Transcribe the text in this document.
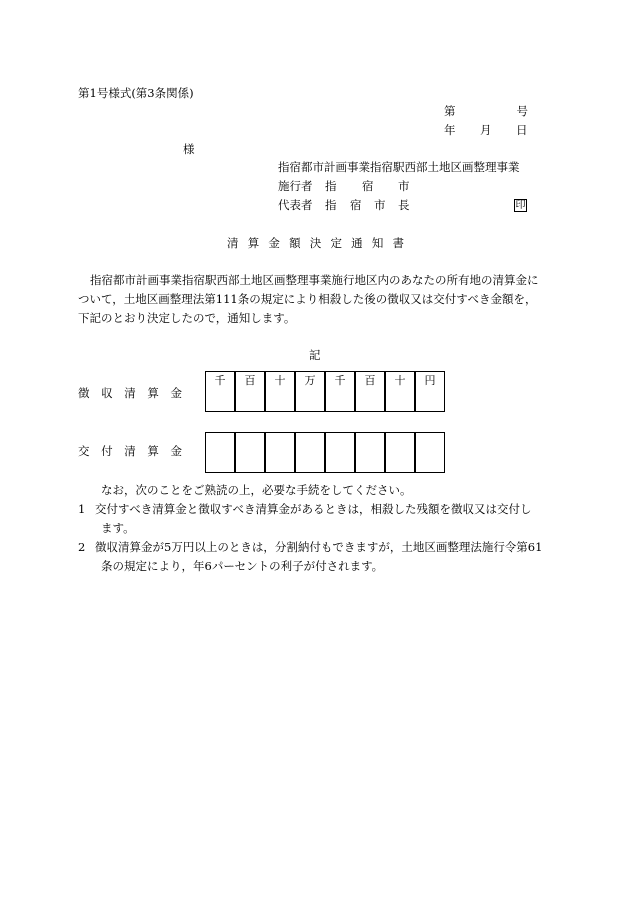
第1号様式(第3条関係)
第	号
年 月 日
様
指宿都市計画事業指宿駅西部土地区画整理事業
施行者 指 宿 市
代表者 指 宿 市 長	印
清 算 金 額 決 定 通 知 書
指宿都市計画事業指宿駅西部土地区画整理事業施行地区内のあなたの所有地の清算金に
ついて，土地区画整理法第111条の規定により相殺した後の徴収又は交付すべき金額を，
下記のとおり決定したので，通知します。
記
徴 収 清 算 金
千	百	十	万	千	百	十	円
交 付 清 算 金
なお，次のことをご熟読の上，必要な手続をしてください。
1 交付すべき清算金と徴収すべき清算金があるときは，相殺した残額を徴収又は交付し
ます。
2 徴収清算金が5万円以上のときは，分割納付もできますが，土地区画整理法施行令第61
条の規定により，年6パーセントの利子が付されます。
